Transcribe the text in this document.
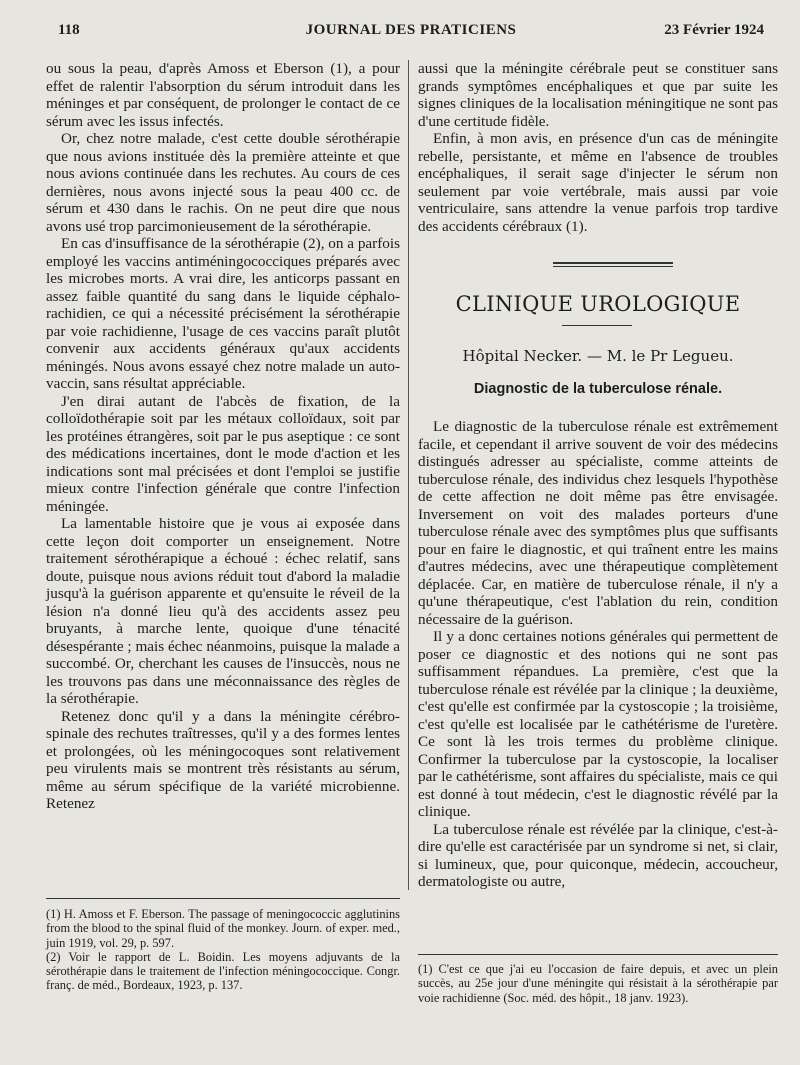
118	JOURNAL DES PRATICIENS	23 Février 1924

ou sous la peau, d'après Amoss et Eberson (1), a pour effet de ralentir l'absorption du sérum introduit dans les méninges et par conséquent, de prolonger le contact de ce sérum avec les issus infectés.

Or, chez notre malade, c'est cette double sérothérapie que nous avions instituée dès la première atteinte et que nous avions continuée dans les rechutes. Au cours de ces dernières, nous avons injecté sous la peau 400 cc. de sérum et 430 dans le rachis. On ne peut dire que nous avons usé trop parcimonieusement de la sérothérapie.

En cas d'insuffisance de la sérothérapie (2), on a parfois employé les vaccins antiméningococciques préparés avec les microbes morts. A vrai dire, les anticorps passant en assez faible quantité du sang dans le liquide céphalo-rachidien, ce qui a nécessité précisément la sérothérapie par voie rachidienne, l'usage de ces vaccins paraît plutôt convenir aux accidents généraux qu'aux accidents méningés. Nous avons essayé chez notre malade un auto-vaccin, sans résultat appréciable.

J'en dirai autant de l'abcès de fixation, de la colloïdothérapie soit par les métaux colloïdaux, soit par les protéines étrangères, soit par le pus aseptique : ce sont des médications incertaines, dont le mode d'action et les indications sont mal précisées et dont l'emploi se justifie mieux contre l'infection générale que contre l'infection méningée.

La lamentable histoire que je vous ai exposée dans cette leçon doit comporter un enseignement. Notre traitement sérothérapique a échoué : échec relatif, sans doute, puisque nous avions réduit tout d'abord la maladie jusqu'à la guérison apparente et qu'ensuite le réveil de la lésion n'a donné lieu qu'à des accidents assez peu bruyants, à marche lente, quoique d'une ténacité désespérante ; mais échec néanmoins, puisque la malade a succombé. Or, cherchant les causes de l'insuccès, nous ne les trouvons pas dans une méconnaissance des règles de la sérothérapie.

Retenez donc qu'il y a dans la méningite cérébro-spinale des rechutes traîtresses, qu'il y a des formes lentes et prolongées, où les méningocoques sont relativement peu virulents mais se montrent très résistants au sérum, même au sérum spécifique de la variété microbienne. Retenez

aussi que la méningite cérébrale peut se constituer sans grands symptômes encéphaliques et que par suite les signes cliniques de la localisation méningitique ne sont pas d'une certitude fidèle.

Enfin, à mon avis, en présence d'un cas de méningite rebelle, persistante, et même en l'absence de troubles encéphaliques, il serait sage d'injecter le sérum non seulement par voie vertébrale, mais aussi par voie ventriculaire, sans attendre la venue parfois trop tardive des accidents cérébraux (1).

CLINIQUE UROLOGIQUE
Hôpital Necker. — M. le Pr Legueu.
Diagnostic de la tuberculose rénale.

Le diagnostic de la tuberculose rénale est extrêmement facile, et cependant il arrive souvent de voir des médecins distingués adresser au spécialiste, comme atteints de tuberculose rénale, des individus chez lesquels l'hypothèse de cette affection ne doit même pas être envisagée. Inversement on voit des malades porteurs d'une tuberculose rénale avec des symptômes plus que suffisants pour en faire le diagnostic, et qui traînent entre les mains d'autres médecins, avec une thérapeutique complètement déplacée. Car, en matière de tuberculose rénale, il n'y a qu'une thérapeutique, c'est l'ablation du rein, condition nécessaire de la guérison.

Il y a donc certaines notions générales qui permettent de poser ce diagnostic et des notions qui ne sont pas suffisamment répandues. La première, c'est que la tuberculose rénale est révélée par la clinique ; la deuxième, c'est qu'elle est confirmée par la cystoscopie ; la troisième, c'est qu'elle est localisée par le cathétérisme de l'uretère. Ce sont là les trois termes du problème clinique. Confirmer la tuberculose par la cystoscopie, la localiser par le cathétérisme, sont affaires du spécialiste, mais ce qui est donné à tout médecin, c'est le diagnostic révélé par la clinique.

La tuberculose rénale est révélée par la clinique, c'est-à-dire qu'elle est caractérisée par un syndrome si net, si clair, si lumineux, que, pour quiconque, médecin, accoucheur, dermatologiste ou autre,

(1) H. Amoss et F. Eberson. The passage of meningococcic agglutinins from the blood to the spinal fluid of the monkey. Journ. of exper. med., juin 1919, vol. 29, p. 597.

(2) Voir le rapport de L. Boidin. Les moyens adjuvants de la sérothérapie dans le traitement de l'infection méningococcique. Congr. franç. de méd., Bordeaux, 1923, p. 137.

(1) C'est ce que j'ai eu l'occasion de faire depuis, et avec un plein succès, au 25e jour d'une méningite qui résistait à la sérothérapie par voie rachidienne (Soc. méd. des hôpit., 18 janv. 1923).
